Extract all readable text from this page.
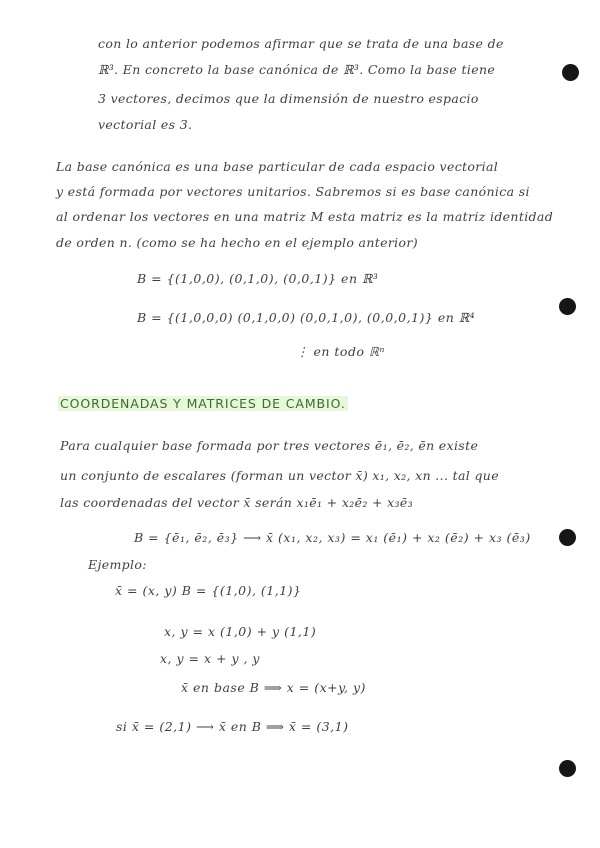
con lo anterior podemos afirmar que se trata de una base de
ℝ³. En concreto la base canónica de ℝ³. Como la base tiene
3 vectores, decimos que la dimensión de nuestro espacio
vectorial es 3.
La base canónica es una base particular de cada espacio vectorial
y está formada por vectores unitarios. Sabremos si es base canónica si
al ordenar los vectores en una matriz M esta matriz es la matriz identidad
de orden n. (como se ha hecho en el ejemplo anterior)
B = {(1,0,0), (0,1,0), (0,0,1)} en ℝ³
B = {(1,0,0,0) (0,1,0,0) (0,0,1,0), (0,0,0,1)} en ℝ⁴
⋮ en todo ℝⁿ
COORDENADAS Y MATRICES DE CAMBIO.
Para cualquier base formada por tres vectores ē₁, ē₂, ēn existe
un conjunto de escalares (forman un vector x̄) x₁, x₂, xn ... tal que
las coordenadas del vector x̄ serán x₁ē₁ + x₂ē₂ + x₃ē₃
B = {ē₁, ē₂, ē₃} ⟶ x̄ (x₁, x₂, x₃) = x₁ (ē₁) + x₂ (ē₂) + x₃ (ē₃)
Ejemplo:
x̄ = (x, y) B = {(1,0), (1,1)}
x, y = x (1,0) + y (1,1)
x, y = x + y , y
x̄ en base B ⟹ x = (x+y, y)
si x̄ = (2,1) ⟶ x̄ en B ⟹ x̄ = (3,1)
